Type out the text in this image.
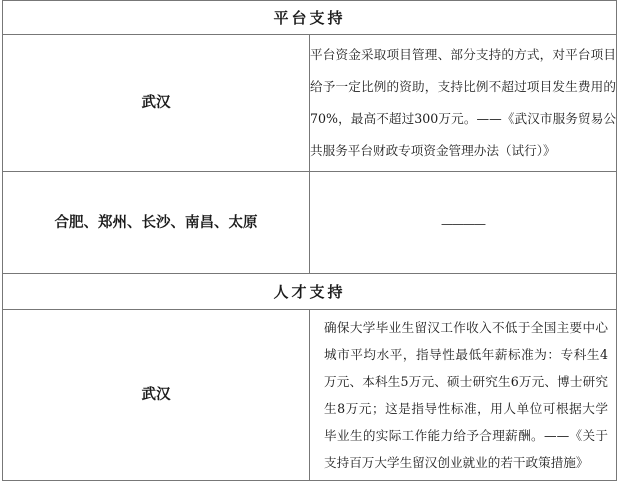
平台支持	
武汉	平台资金采取项目管理、部分支持的方式，对平台项目给予一定比例的资助，支持比例不超过项目发生费用的70%，最高不超过300万元。——《武汉市服务贸易公共服务平台财政专项资金管理办法（试行）》
合肥、郑州、长沙、南昌、太原	————
人才支持	
武汉	确保大学毕业生留汉工作收入不低于全国主要中心城市平均水平，指导性最低年薪标准为：专科生4万元、本科生5万元、硕士研究生6万元、博士研究生8万元；这是指导性标准，用人单位可根据大学毕业生的实际工作能力给予合理薪酬。——《关于支持百万大学生留汉创业就业的若干政策措施》
